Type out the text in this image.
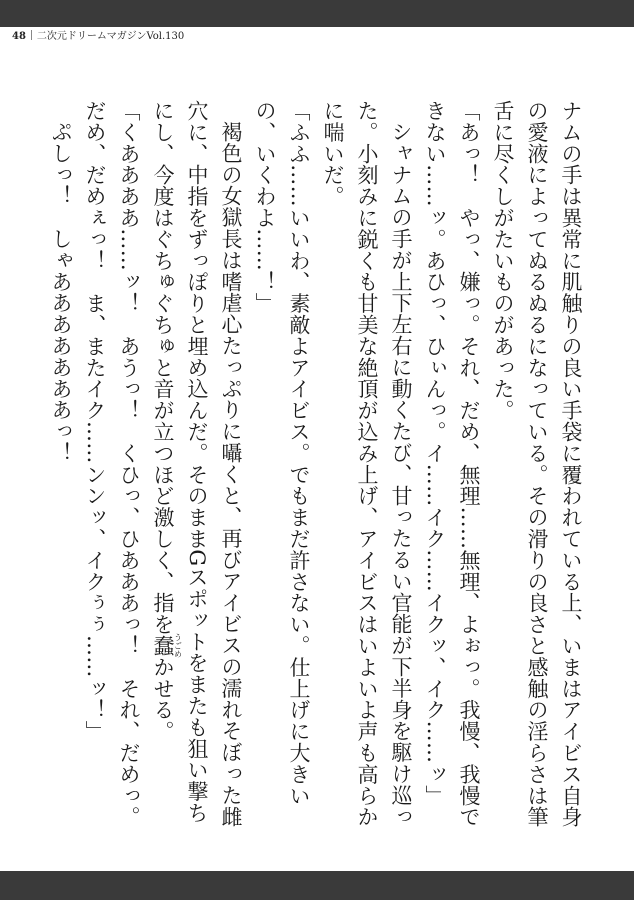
48 二次元ドリームマガジンVol.130

ナムの手は異常に肌触りの良い手袋に覆われている上、いまはアイビス自身の愛液によってぬるぬるになっている。その滑りの良さと感触の淫らさは筆舌に尽くしがたいものがあった。

「あっ！　やっ、嫌っ。それ、だめ、無理……無理、よぉっ。我慢、我慢できない……ッ。あひっ、ひぃんっ。イ……イク……イクッ、イク……ッ」

シャナムの手が上下左右に動くたび、甘ったるい官能が下半身を駆け巡った。小刻みに鋭くも甘美な絶頂が込み上げ、アイビスはいよいよ声も高らかに喘いだ。

「ふふ……いいわ、素敵よアイビス。でもまだ許さない。仕上げに大きいの、いくわよ……！」

褐色の女獄長は嗜虐心たっぷりに囁くと、再びアイビスの濡れそぼった雌穴に、中指をずっぽりと埋め込んだ。そのままGスポットをまたも狙い撃ちにし、今度はぐちゅぐちゅと音が立つほど激しく、指を蠢うごめかせる。

「くああああ……ッ！　あうっ！　くひっ、ひあああっ！　それ、だめっ。だめ、だめぇっ！　ま、またイク……ンンッ、イクぅぅ……ッ！」

ぷしっ！　しゃあああああああっ！
